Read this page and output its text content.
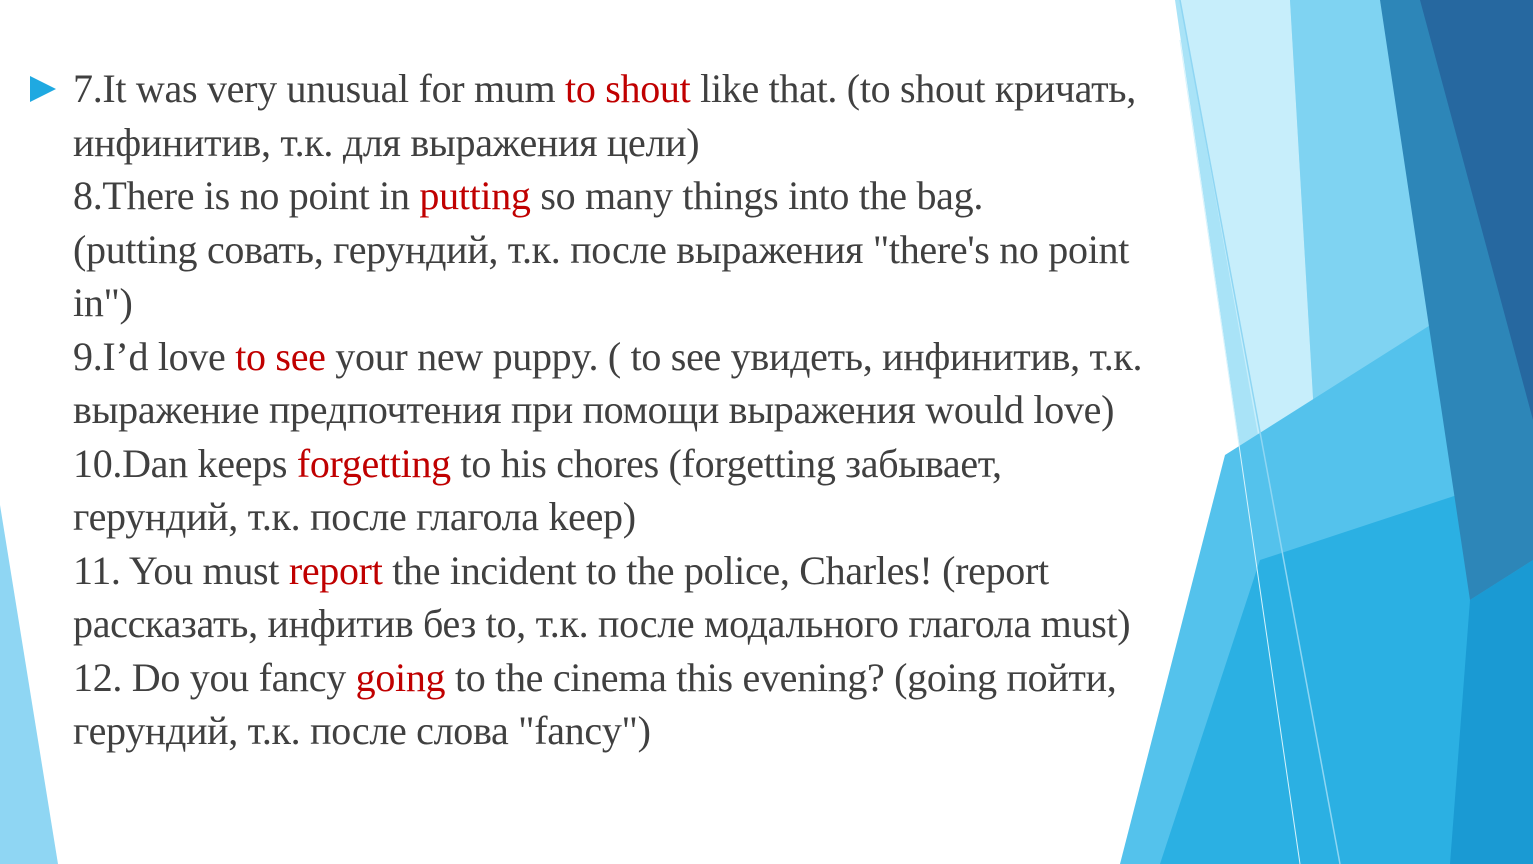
7.It was very unusual for mum to shout like that. (to shout кричать,
инфинитив, т.к. для выражения цели)
8.There is no point in putting so many things into the bag.
(putting совать, герундий, т.к. после выражения "there's no point
in")
9.I’d love to see your new puppy. ( to see увидеть, инфинитив, т.к.
выражение предпочтения при помощи выражения would love)
10.Dan keeps forgetting to his chores (forgetting забывает,
герундий, т.к. после глагола keep)
11. You must report the incident to the police, Charles! (report
рассказать, инфитив без to, т.к. после модального глагола must)
12. Do you fancy going to the cinema this evening? (going пойти,
герундий, т.к. после слова "fancy")
